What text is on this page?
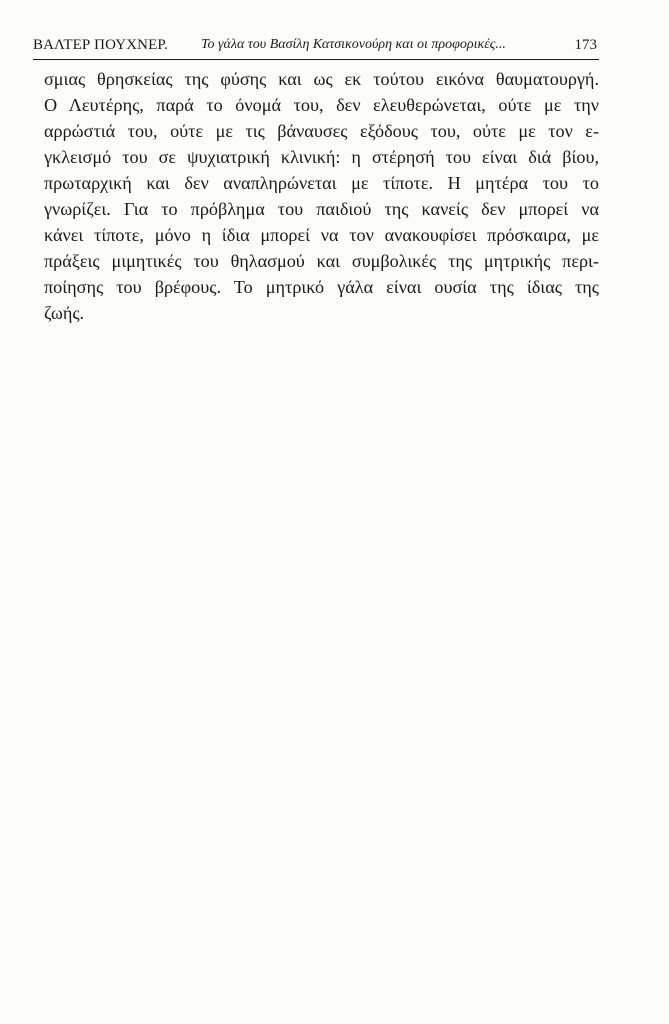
ΒΑΛΤΕΡ ΠΟΥΧΝΕΡ. Το γάλα του Βασίλη Κατσικονούρη και οι προφορικές...	173
σμιας θρησκείας της φύσης και ως εκ τούτου εικόνα θαυματουργή.
Ο Λευτέρης, παρά το όνομά του, δεν ελευθερώνεται, ούτε με την
αρρώστιά του, ούτε με τις βάναυσες εξόδους του, ούτε με τον ε-
γκλεισμό του σε ψυχιατρική κλινική: η στέρησή του είναι διά βίου,
πρωταρχική και δεν αναπληρώνεται με τίποτε. Η μητέρα του το
γνωρίζει. Για το πρόβλημα του παιδιού της κανείς δεν μπορεί να
κάνει τίποτε, μόνο η ίδια μπορεί να τον ανακουφίσει πρόσκαιρα, με
πράξεις μιμητικές του θηλασμού και συμβολικές της μητρικής περι-
ποίησης του βρέφους. Το μητρικό γάλα είναι ουσία της ίδιας της
ζωής.
